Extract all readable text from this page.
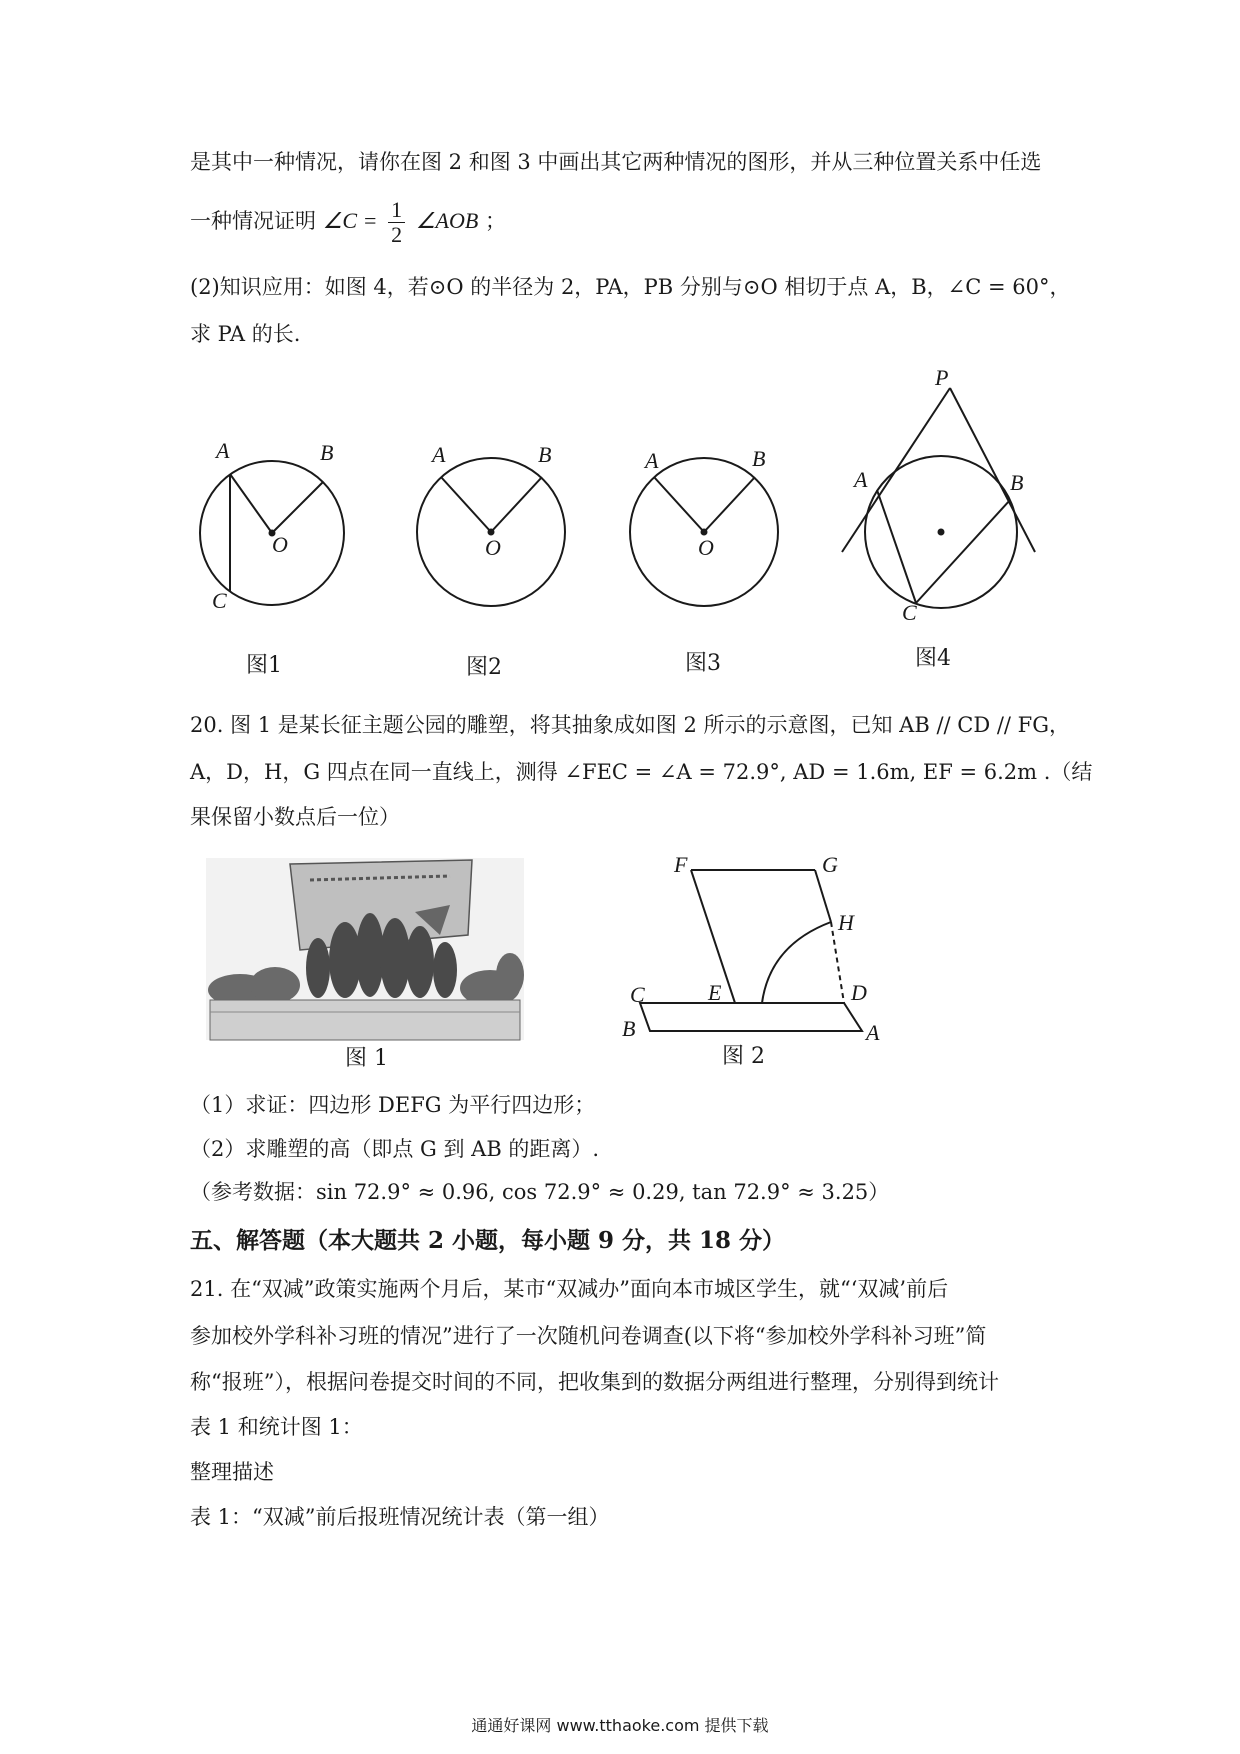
是其中一种情况，请你在图 2 和图 3 中画出其它两种情况的图形，并从三种位置关系中任选
一种情况证明 ∠C = $\frac{1}{2}$ ∠AOB ；
(2)知识应用：如图 4，若⊙O 的半径为 2，PA，PB 分别与⊙O 相切于点 A，B，∠C = 60°，
求 PA 的长.
A	B
O
C
A	B
O
A	B
O
P
A	B
C
图1	图2	图3	图4
20. 图 1 是某长征主题公园的雕塑，将其抽象成如图 2 所示的示意图，已知 AB // CD // FG，
A，D，H，G 四点在同一直线上，测得 ∠FEC = ∠A = 72.9°, AD = 1.6m, EF = 6.2m .（结
果保留小数点后一位）
图 1
F	G
H
C	E	D
B	A
图 2
（1）求证：四边形 DEFG 为平行四边形；
（2）求雕塑的高（即点 G 到 AB 的距离）.
（参考数据：sin 72.9° ≈ 0.96, cos 72.9° ≈ 0.29, tan 72.9° ≈ 3.25）
五、解答题（本大题共 2 小题，每小题 9 分，共 18 分）
21. 在“双减”政策实施两个月后，某市“双减办”面向本市城区学生，就“‘双减’前后
参加校外学科补习班的情况”进行了一次随机问卷调查(以下将“参加校外学科补习班”简
称“报班”），根据问卷提交时间的不同，把收集到的数据分两组进行整理，分别得到统计
表 1 和统计图 1：
整理描述
表 1：“双减”前后报班情况统计表（第一组）
通通好课网 www.tthaoke.com 提供下载
